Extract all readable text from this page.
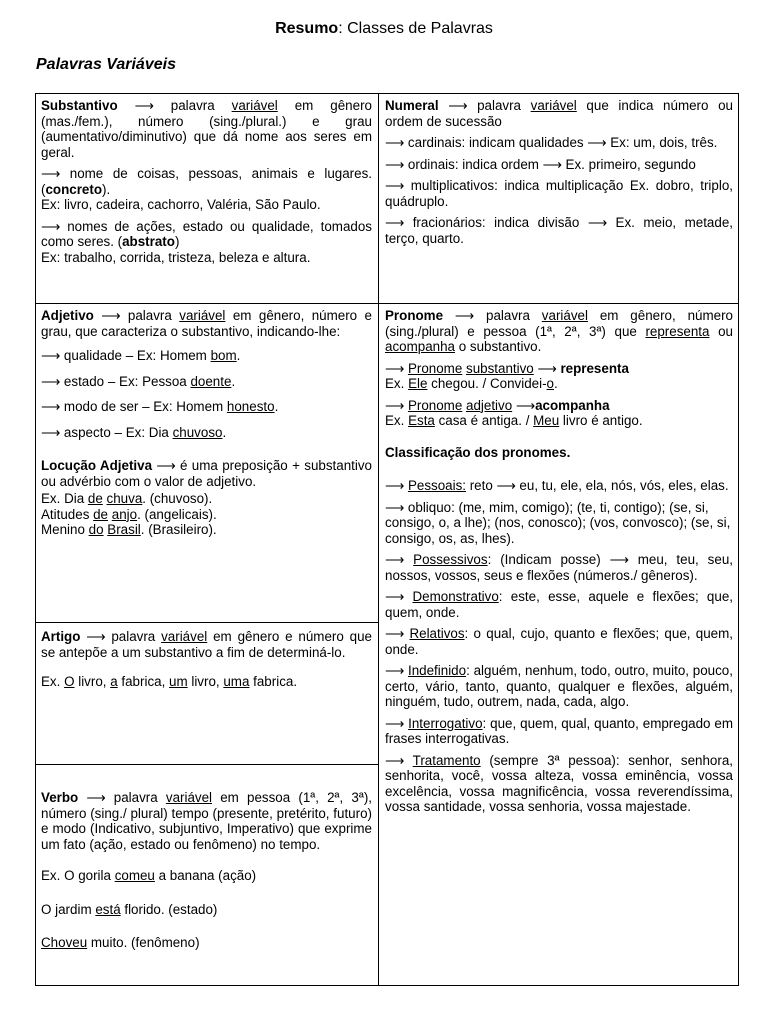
Resumo: Classes de Palavras
Palavras Variáveis

Substantivo ⟶ palavra variável em gênero (mas./fem.), número (sing./plural.) e grau (aumentativo/diminutivo) que dá nome aos seres em geral.

⟶ nome de coisas, pessoas, animais e lugares. (concreto).
Ex: livro, cadeira, cachorro, Valéria, São Paulo.

⟶ nomes de ações, estado ou qualidade, tomados como seres. (abstrato)
Ex: trabalho, corrida, tristeza, beleza e altura.

Adjetivo ⟶ palavra variável em gênero, número e grau, que caracteriza o substantivo, indicando-lhe:

⟶ qualidade – Ex: Homem bom.

⟶ estado – Ex: Pessoa doente.

⟶ modo de ser – Ex: Homem honesto.

⟶ aspecto – Ex: Dia chuvoso.

Locução Adjetiva ⟶ é uma preposição + substantivo ou advérbio com o valor de adjetivo.

Ex. Dia de chuva. (chuvoso).
Atitudes de anjo. (angelicais).
Menino do Brasil. (Brasileiro).

Artigo ⟶ palavra variável em gênero e número que se antepõe a um substantivo a fim de determiná-lo.

Ex. O livro, a fabrica, um livro, uma fabrica.

Verbo ⟶ palavra variável em pessoa (1ª, 2ª, 3ª), número (sing./ plural) tempo (presente, pretérito, futuro) e modo (Indicativo, subjuntivo, Imperativo) que exprime um fato (ação, estado ou fenômeno) no tempo.

Ex. O gorila comeu a banana (ação)

O jardim está florido. (estado)

Choveu muito. (fenômeno)

Numeral ⟶ palavra variável que indica número ou ordem de sucessão

⟶ cardinais: indicam qualidades ⟶ Ex: um, dois, três.

⟶ ordinais: indica ordem ⟶ Ex. primeiro, segundo

⟶ multiplicativos: indica multiplicação Ex. dobro, triplo, quádruplo.

⟶ fracionários: indica divisão ⟶ Ex. meio, metade, terço, quarto.

Pronome ⟶ palavra variável em gênero, número (sing./plural) e pessoa (1ª, 2ª, 3ª) que representa ou acompanha o substantivo.

⟶ Pronome substantivo ⟶ representa
Ex. Ele chegou. / Convidei-o.

⟶ Pronome adjetivo ⟶acompanha
Ex. Esta casa é antiga. / Meu livro é antigo.

Classificação dos pronomes.

⟶ Pessoais: reto ⟶ eu, tu, ele, ela, nós, vós, eles, elas.

⟶ obliquo: (me, mim, comigo); (te, ti, contigo); (se, si, consigo, o, a lhe); (nos, conosco); (vos, convosco); (se, si, consigo, os, as, lhes).

⟶ Possessivos: (Indicam posse) ⟶ meu, teu, seu, nossos, vossos, seus e flexões (números./ gêneros).

⟶ Demonstrativo: este, esse, aquele e flexões; que, quem, onde.

⟶ Relativos: o qual, cujo, quanto e flexões; que, quem, onde.

⟶ Indefinido: alguém, nenhum, todo, outro, muito, pouco, certo, vário, tanto, quanto, qualquer e flexões, alguém, ninguém, tudo, outrem, nada, cada, algo.

⟶ Interrogativo: que, quem, qual, quanto, empregado em frases interrogativas.

⟶ Tratamento (sempre 3ª pessoa): senhor, senhora, senhorita, você, vossa alteza, vossa eminência, vossa excelência, vossa magnificência, vossa reverendíssima, vossa santidade, vossa senhoria, vossa majestade.
